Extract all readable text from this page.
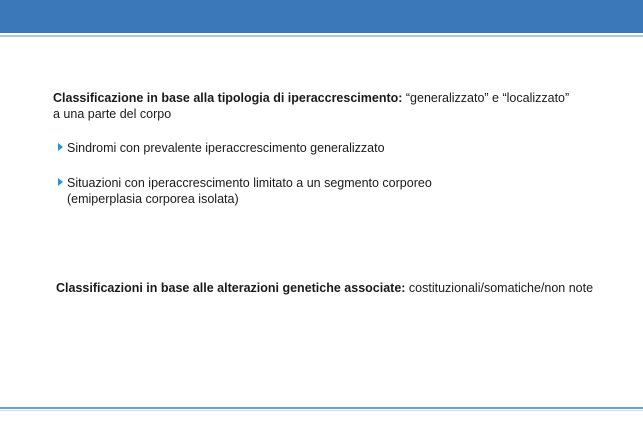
Classificazione in base alla tipologia di iperaccrescimento: “generalizzato” e “localizzato”
a una parte del corpo
Sindromi con prevalente iperaccrescimento generalizzato
Situazioni con iperaccrescimento limitato a un segmento corporeo
(emiperplasia corporea isolata)
Classificazioni in base alle alterazioni genetiche associate: costituzionali/somatiche/non note
